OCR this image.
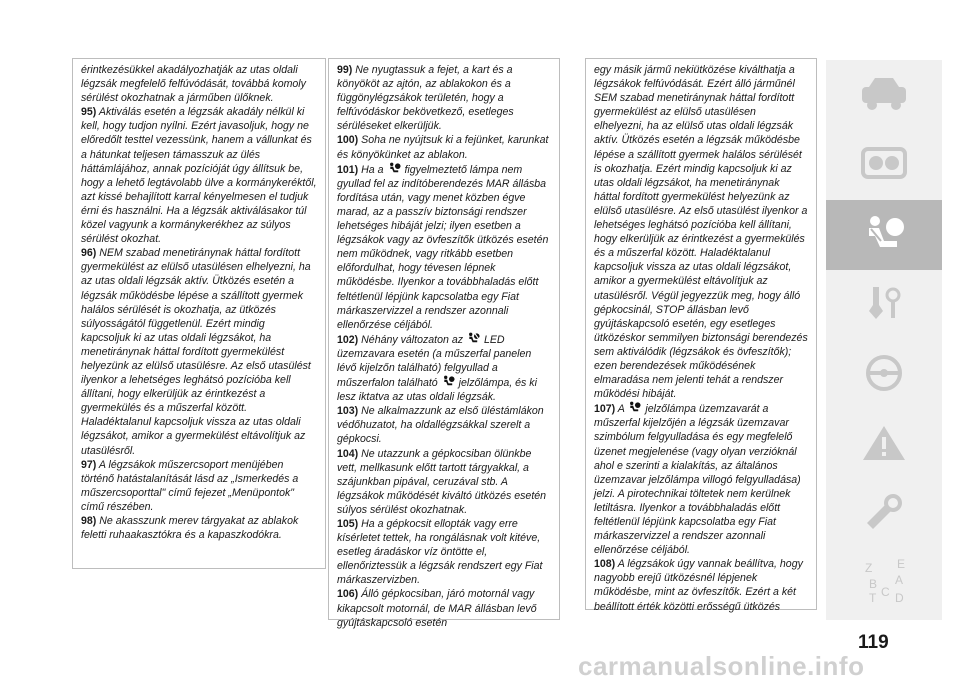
érintkezésükkel akadályozhatják az utas oldali légzsák megfelelő felfúvódását, továbbá komoly sérülést okozhatnak a járműben ülőknek.

95) Aktiválás esetén a légzsák akadály nélkül ki kell, hogy tudjon nyílni. Ezért javasoljuk, hogy ne előredőlt testtel vezessünk, hanem a vállunkat és a hátunkat teljesen támasszuk az ülés háttámlájához, annak pozícióját úgy állítsuk be, hogy a lehető legtávolabb ülve a kormánykeréktől, azt kissé behajlított karral kényelmesen el tudjuk érni és használni. Ha a légzsák aktiválásakor túl közel vagyunk a kormánykerékhez az súlyos sérülést okozhat.

96) NEM szabad menetiránynak háttal fordított gyermekülést az elülső utasülésen elhelyezni, ha az utas oldali légzsák aktív. Ütközés esetén a légzsák működésbe lépése a szállított gyermek halálos sérülését is okozhatja, az ütközés súlyosságától függetlenül. Ezért mindig kapcsoljuk ki az utas oldali légzsákot, ha menetiránynak háttal fordított gyermekülést helyezünk az elülső utasülésre. Az első utasülést ilyenkor a lehetséges leghátsó pozícióba kell állítani, hogy elkerüljük az érintkezést a gyermekülés és a műszerfal között. Haladéktalanul kapcsoljuk vissza az utas oldali légzsákot, amikor a gyermekülést eltávolítjuk az utasülésről.

97) A légzsákok műszercsoport menüjében történő hatástalanítását lásd az „Ismerkedés a műszercsoporttal" című fejezet „Menüpontok" című részében.

98) Ne akasszunk merev tárgyakat az ablakok feletti ruhaakasztókra és a kapaszkodókra.

99) Ne nyugtassuk a fejet, a kart és a könyököt az ajtón, az ablakokon és a függönylégzsákok területén, hogy a felfúvódáskor bekövetkező, esetleges sérüléseket elkerüljük.

100) Soha ne nyújtsuk ki a fejünket, karunkat és könyökünket az ablakon.

101) Ha a figyelmeztető lámpa nem gyullad fel az indítóberendezés MAR állásba fordítása után, vagy menet közben égve marad, az a passzív biztonsági rendszer lehetséges hibáját jelzi; ilyen esetben a légzsákok vagy az övfeszítők ütközés esetén nem működnek, vagy ritkább esetben előfordulhat, hogy tévesen lépnek működésbe. Ilyenkor a továbbhaladás előtt feltétlenül lépjünk kapcsolatba egy Fiat márkaszervizzel a rendszer azonnali ellenőrzése céljából.

102) Néhány változaton az LED üzemzavara esetén (a műszerfal panelen lévő kijelzőn található) felgyullad a műszerfalon található jelzőlámpa, és ki lesz iktatva az utas oldali légzsák.

103) Ne alkalmazzunk az első üléstámlákon védőhuzatot, ha oldallégzsákkal szerelt a gépkocsi.

104) Ne utazzunk a gépkocsiban ölünkbe vett, mellkasunk előtt tartott tárgyakkal, a szájunkban pipával, ceruzával stb. A légzsákok működését kiváltó ütközés esetén súlyos sérülést okozhatnak.

105) Ha a gépkocsit ellopták vagy erre kísérletet tettek, ha rongálásnak volt kitéve, esetleg áradáskor víz öntötte el, ellenőriztessük a légzsák rendszert egy Fiat márkaszervizben.

106) Álló gépkocsiban, járó motornál vagy kikapcsolt motornál, de MAR állásban levő gyújtáskapcsoló esetén

egy másik jármű nekiütközése kiválthatja a légzsákok felfúvódását. Ezért álló járműnél SEM szabad menetiránynak háttal fordított gyermekülést az elülső utasülésen elhelyezni, ha az elülső utas oldali légzsák aktív. Ütközés esetén a légzsák működésbe lépése a szállított gyermek halálos sérülését is okozhatja. Ezért mindig kapcsoljuk ki az utas oldali légzsákot, ha menetiránynak háttal fordított gyermekülést helyezünk az elülső utasülésre. Az első utasülést ilyenkor a lehetséges leghátsó pozícióba kell állítani, hogy elkerüljük az érintkezést a gyermekülés és a műszerfal között. Haladéktalanul kapcsoljuk vissza az utas oldali légzsákot, amikor a gyermekülést eltávolítjuk az utasülésről. Végül jegyezzük meg, hogy álló gépkocsinál, STOP állásban levő gyújtáskapcsoló esetén, egy esetleges ütközéskor semmilyen biztonsági berendezés sem aktiválódik (légzsákok és övfeszítők); ezen berendezések működésének elmaradása nem jelenti tehát a rendszer működési hibáját.

107) A jelzőlámpa üzemzavarát a műszerfal kijelzőjén a légzsák üzemzavar szimbólum felgyulladása és egy megfelelő üzenet megjelenése (vagy olyan verzióknál ahol e szerinti a kialakítás, az általános üzemzavar jelzőlámpa villogó felgyulladása) jelzi. A pirotechnikai töltetek nem kerülnek letiltásra. Ilyenkor a továbbhaladás előtt feltétlenül lépjünk kapcsolatba egy Fiat márkaszervizzel a rendszer azonnali ellenőrzése céljából.

108) A légzsákok úgy vannak beállítva, hogy nagyobb erejű ütközésnél lépjenek működésbe, mint az övfeszítők. Ezért a két beállított érték közötti erősségű ütközés

Z
B
E
A
C
T D
119
carmanualsonline.info
